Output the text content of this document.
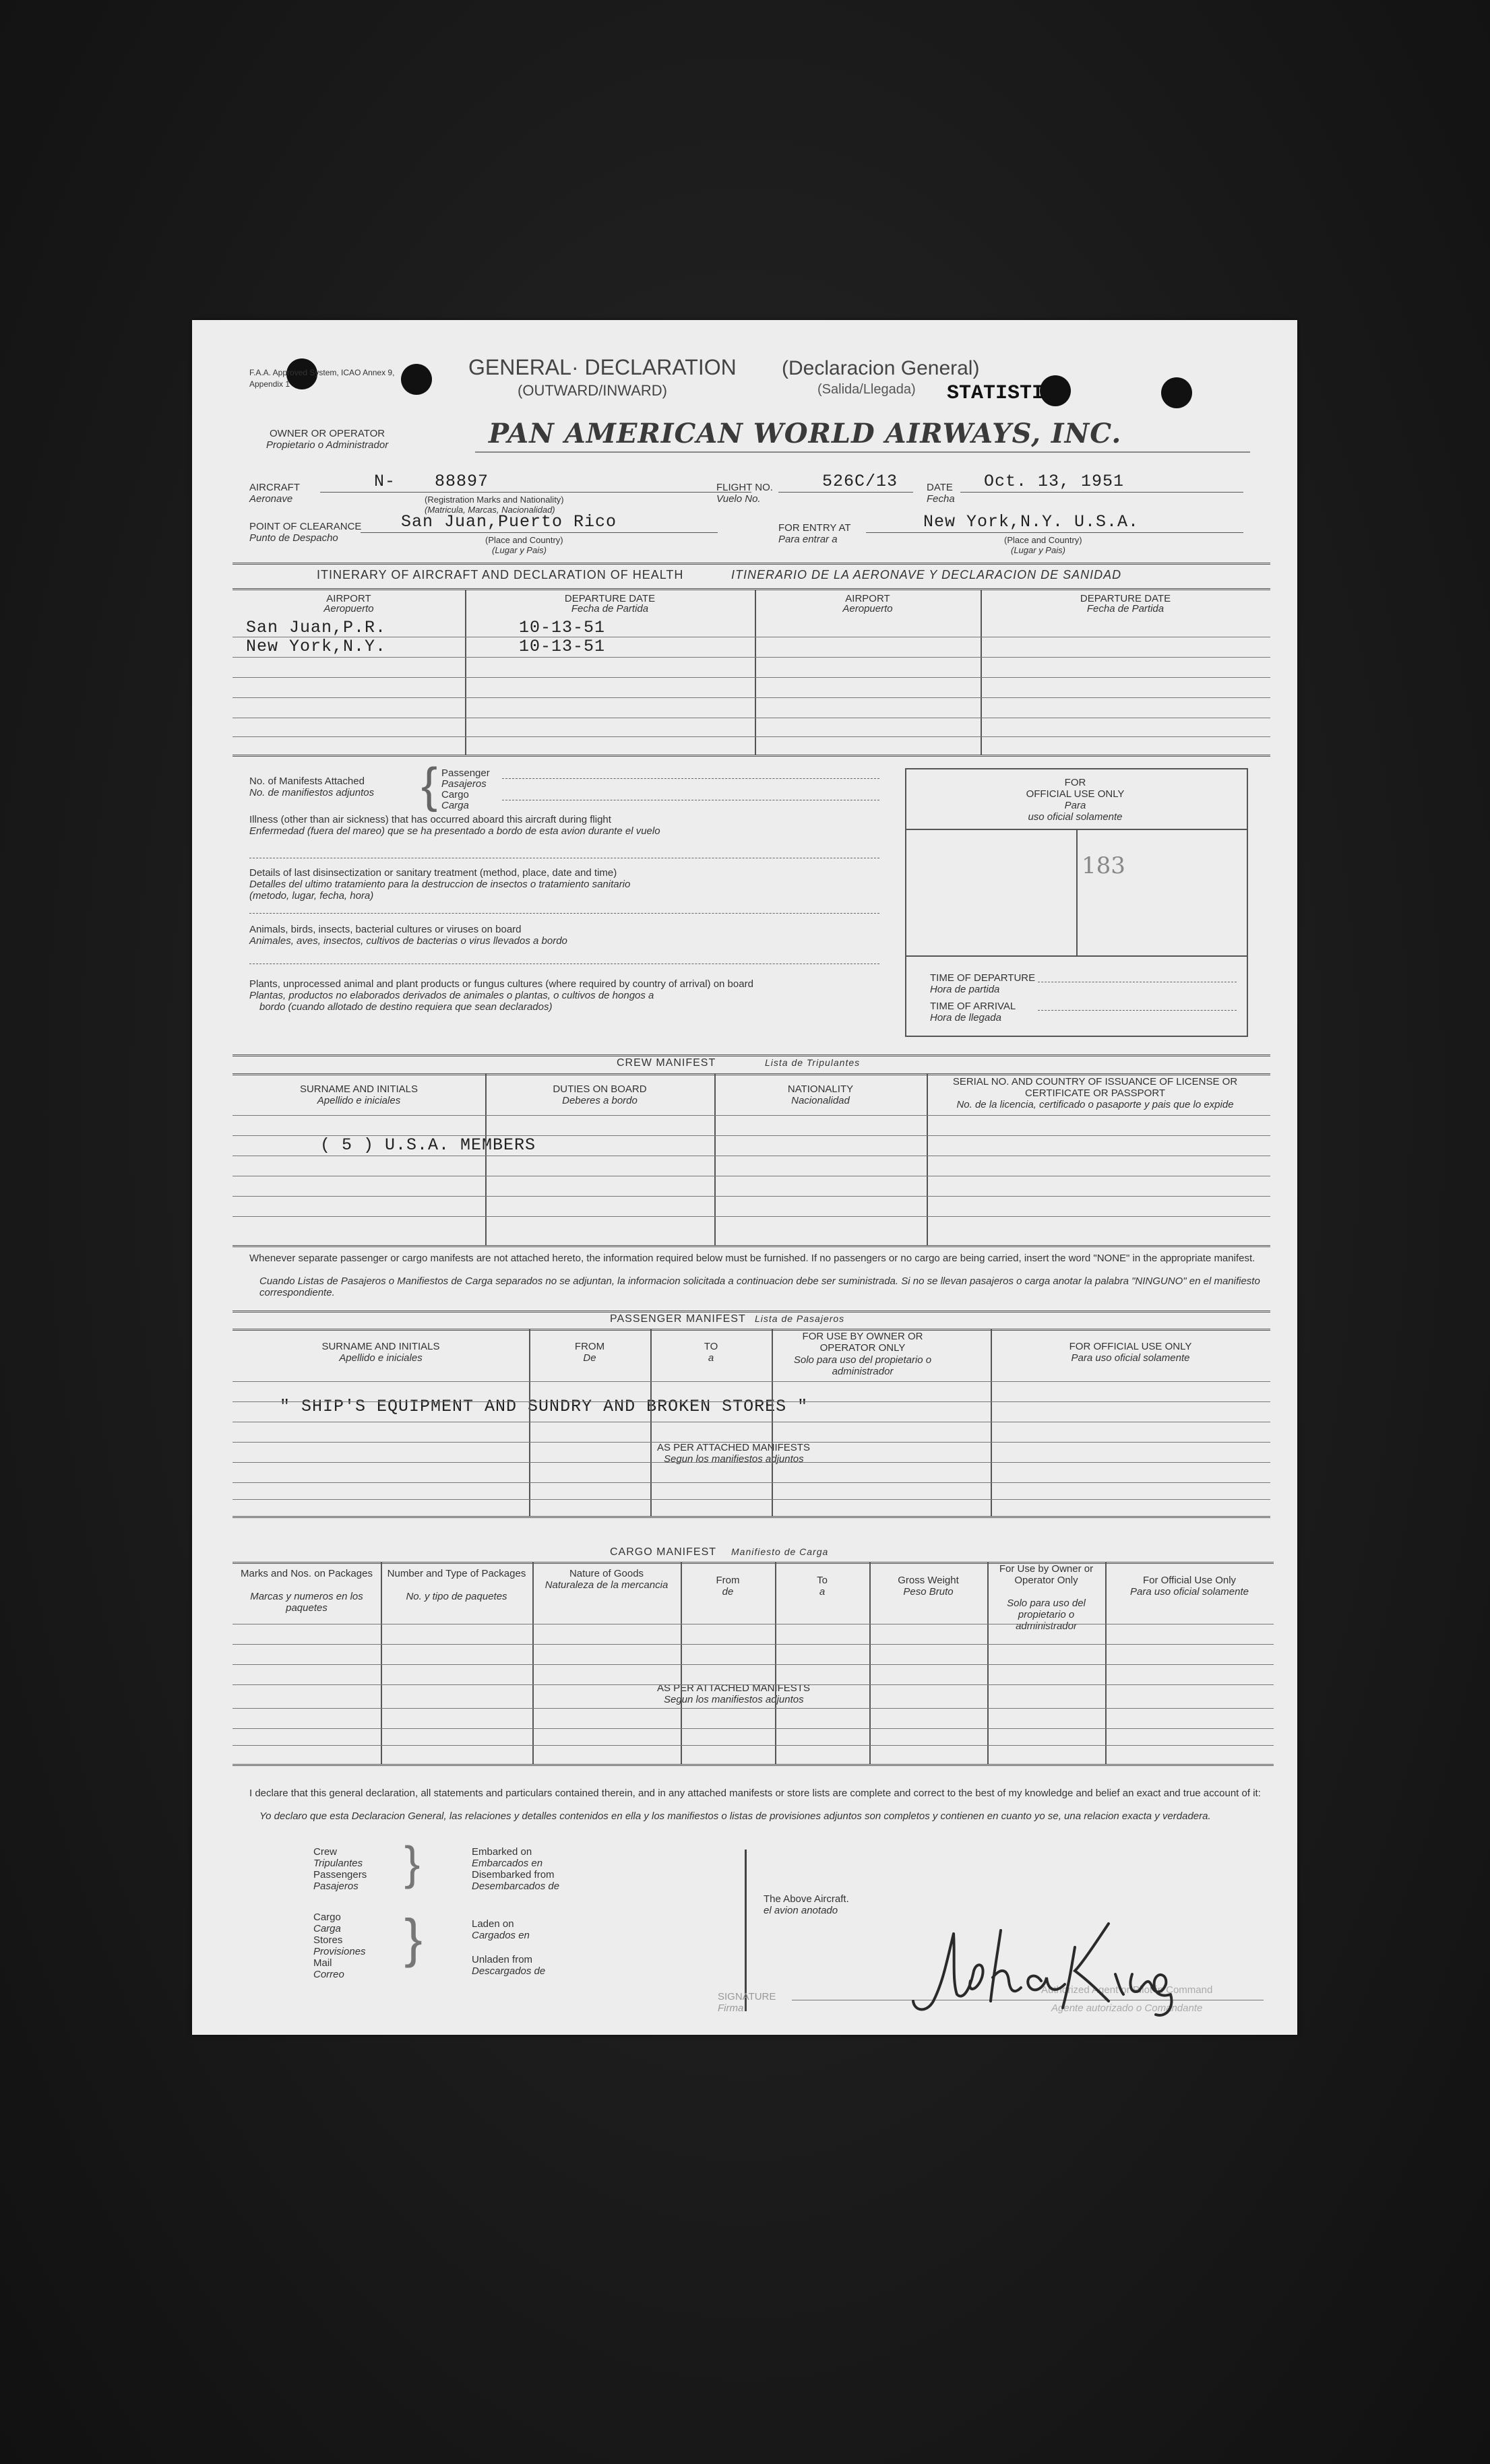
F.A.A. Approved System, ICAO Annex 9, Appendix 1
GENERAL· DECLARATION
(OUTWARD/INWARD)
(Declaracion General)
(Salida/Llegada) STATISTICS
OWNER OR OPERATOR
Propietario o Administrador	PAN AMERICAN WORLD AIRWAYS, INC.
AIRCRAFT
Aeronave
N- 88897
(Registration Marks and Nationality)
(Matricula, Marcas, Nacionalidad)
FLIGHT NO.
Vuelo No.
526C/13	DATE
Fecha
Oct. 13, 1951
POINT OF CLEARANCE
Punto de Despacho
San Juan,Puerto Rico
(Place and Country)
(Lugar y Pais)
FOR ENTRY AT
Para entrar a
New York,N.Y. U.S.A.
(Place and Country)
(Lugar y Pais)
ITINERARY OF AIRCRAFT AND DECLARATION OF HEALTH	ITINERARIO DE LA AERONAVE Y DECLARACION DE SANIDAD
AIRPORT
Aeropuerto
DEPARTURE DATE
Fecha de Partida
AIRPORT
Aeropuerto
DEPARTURE DATE
Fecha de Partida
San Juan,P.R.	10-13-51
New York,N.Y.	10-13-51
No. of Manifests Attached
No. de manifiestos adjuntos { Passenger
Pasajeros
Cargo
Carga
Illness (other than air sickness) that has occurred aboard this aircraft during flight
Enfermedad (fuera del mareo) que se ha presentado a bordo de esta avion durante el vuelo
Details of last disinsectization or sanitary treatment (method, place, date and time)
Detalles del ultimo tratamiento para la destruccion de insectos o tratamiento sanitario
(metodo, lugar, fecha, hora)
Animals, birds, insects, bacterial cultures or viruses on board
Animales, aves, insectos, cultivos de bacterias o virus llevados a bordo
Plants, unprocessed animal and plant products or fungus cultures (where required by country of arrival) on board
Plantas, productos no elaborados derivados de animales o plantas, o cultivos de hongos a
bordo (cuando allotado de destino requiera que sean declarados)
FOR
OFFICIAL USE ONLY
Para
uso oficial solamente
183
TIME OF DEPARTURE
Hora de partida
TIME OF ARRIVAL
Hora de llegada
CREW MANIFEST	Lista de Tripulantes
SURNAME AND INITIALS
Apellido e iniciales
DUTIES ON BOARD
Deberes a bordo
NATIONALITY
Nacionalidad
SERIAL NO. AND COUNTRY OF ISSUANCE OF LICENSE OR CERTIFICATE OR PASSPORT
No. de la licencia, certificado o pasaporte y pais que lo expide
( 5 ) U.S.A. MEMBERS
Whenever separate passenger or cargo manifests are not attached hereto, the information required below must be furnished. If no passengers or no cargo are being carried, insert the word "NONE" in the appropriate manifest.
Cuando Listas de Pasajeros o Manifiestos de Carga separados no se adjuntan, la informacion solicitada a continuacion debe ser suministrada. Si no se llevan pasajeros o carga anotar la palabra "NINGUNO" en el manifiesto correspondiente.
PASSENGER MANIFEST Lista de Pasajeros
SURNAME AND INITIALS
Apellido e iniciales
FROM
De
TO
a
FOR USE BY OWNER OR OPERATOR ONLY
Solo para uso del propietario o administrador
FOR OFFICIAL USE ONLY
Para uso oficial solamente
" SHIP'S EQUIPMENT AND SUNDRY AND BROKEN STORES "
AS PER ATTACHED MANIFESTS
Segun los manifiestos adjuntos
CARGO MANIFEST Manifiesto de Carga
Marks and Nos. on Packages
Marcas y numeros en los paquetes
Number and Type of Packages
No. y tipo de paquetes
Nature of Goods
Naturaleza de la mercancia	From
de
To
a
Gross Weight
Peso Bruto
For Use by Owner or Operator Only
Solo para uso del propietario o administrador
For Official Use Only
Para uso oficial solamente
AS PER ATTACHED MANIFESTS
Segun los manifiestos adjuntos
I declare that this general declaration, all statements and particulars contained therein, and in any attached manifests or store lists are complete and correct to the best of my knowledge and belief an exact and true account of it:
Yo declaro que esta Declaracion General, las relaciones y detalles contenidos en ella y los manifiestos o listas de provisiones adjuntos son completos y contienen en cuanto yo se, una relacion exacta y verdadera.
Crew
Tripulantes
Passengers
Pasajeros }	Embarked on
Embarcados en
Disembarked from
Desembarcados de
Cargo
Carga
Stores
Provisiones
Mail
Correo
}	Laden on
Cargados en
Unladen from
Descargados de
The Above Aircraft.
el avion anotado
SIGNATURE
Firma
Authorized Agent or Pilot in Command
Agente autorizado o Comandante
